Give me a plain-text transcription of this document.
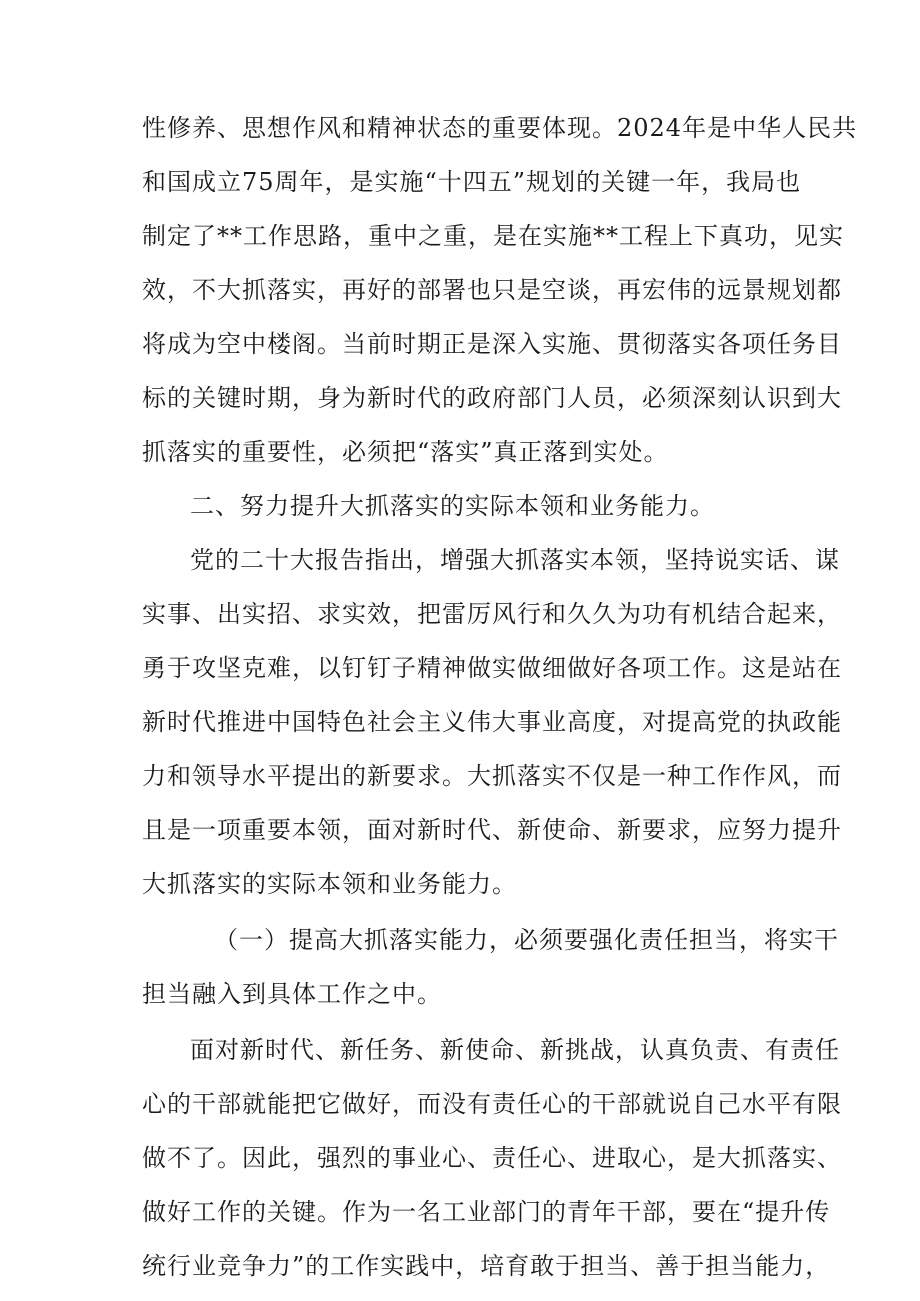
性修养、思想作风和精神状态的重要体现。2024年是中华人民共
和国成立75周年，是实施“十四五”规划的关键一年，我局也
制定了**工作思路，重中之重，是在实施**工程上下真功，见实
效，不大抓落实，再好的部署也只是空谈，再宏伟的远景规划都
将成为空中楼阁。当前时期正是深入实施、贯彻落实各项任务目
标的关键时期，身为新时代的政府部门人员，必须深刻认识到大
抓落实的重要性，必须把“落实”真正落到实处。
二、努力提升大抓落实的实际本领和业务能力。
党的二十大报告指出，增强大抓落实本领，坚持说实话、谋
实事、出实招、求实效，把雷厉风行和久久为功有机结合起来，
勇于攻坚克难，以钉钉子精神做实做细做好各项工作。这是站在
新时代推进中国特色社会主义伟大事业高度，对提高党的执政能
力和领导水平提出的新要求。大抓落实不仅是一种工作作风，而
且是一项重要本领，面对新时代、新使命、新要求，应努力提升
大抓落实的实际本领和业务能力。
（一）提高大抓落实能力，必须要强化责任担当，将实干
担当融入到具体工作之中。
面对新时代、新任务、新使命、新挑战，认真负责、有责任
心的干部就能把它做好，而没有责任心的干部就说自己水平有限
做不了。因此，强烈的事业心、责任心、进取心，是大抓落实、
做好工作的关键。作为一名工业部门的青年干部，要在“提升传
统行业竞争力”的工作实践中，培育敢于担当、善于担当能力，
